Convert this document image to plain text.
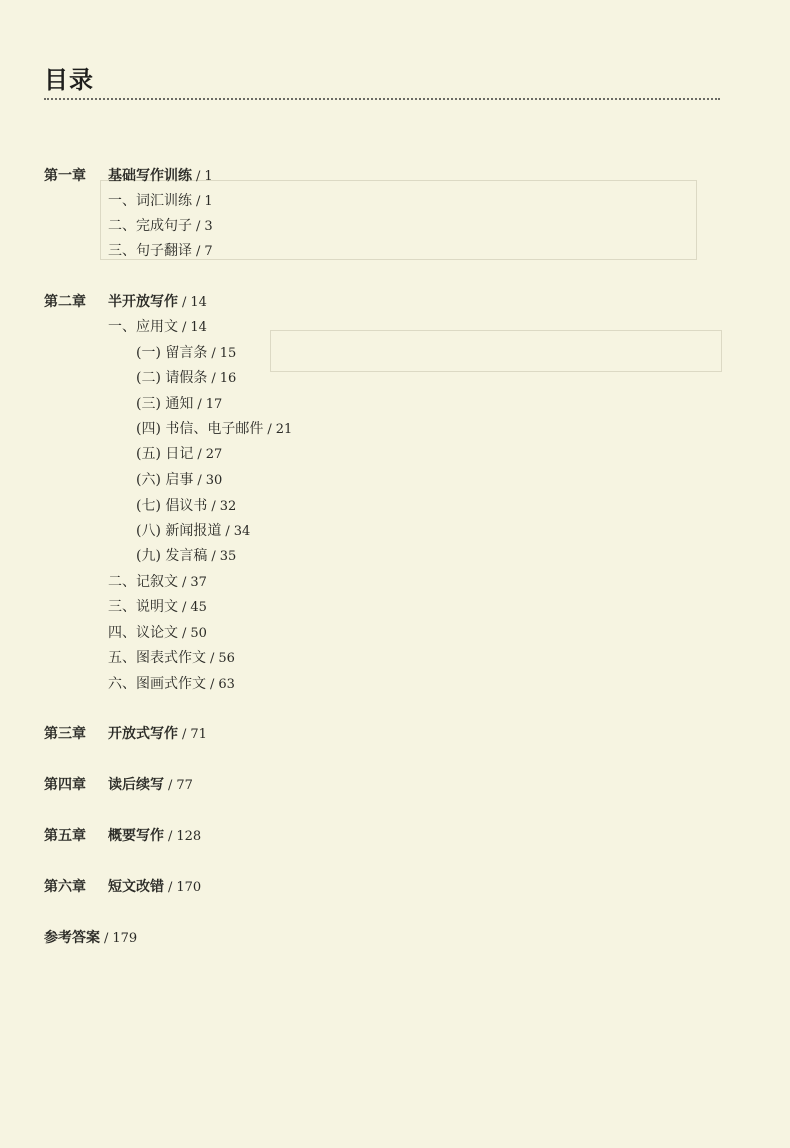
目录
第一章 基础写作训练 / 1
一、词汇训练 / 1
二、完成句子 / 3
三、句子翻译 / 7
第二章 半开放写作 / 14
一、应用文 / 14
(一) 留言条 / 15
(二) 请假条 / 16
(三) 通知 / 17
(四) 书信、电子邮件 / 21
(五) 日记 / 27
(六) 启事 / 30
(七) 倡议书 / 32
(八) 新闻报道 / 34
(九) 发言稿 / 35
二、记叙文 / 37
三、说明文 / 45
四、议论文 / 50
五、图表式作文 / 56
六、图画式作文 / 63
第三章 开放式写作 / 71
第四章 读后续写 / 77
第五章 概要写作 / 128
第六章 短文改错 / 170
参考答案 / 179
